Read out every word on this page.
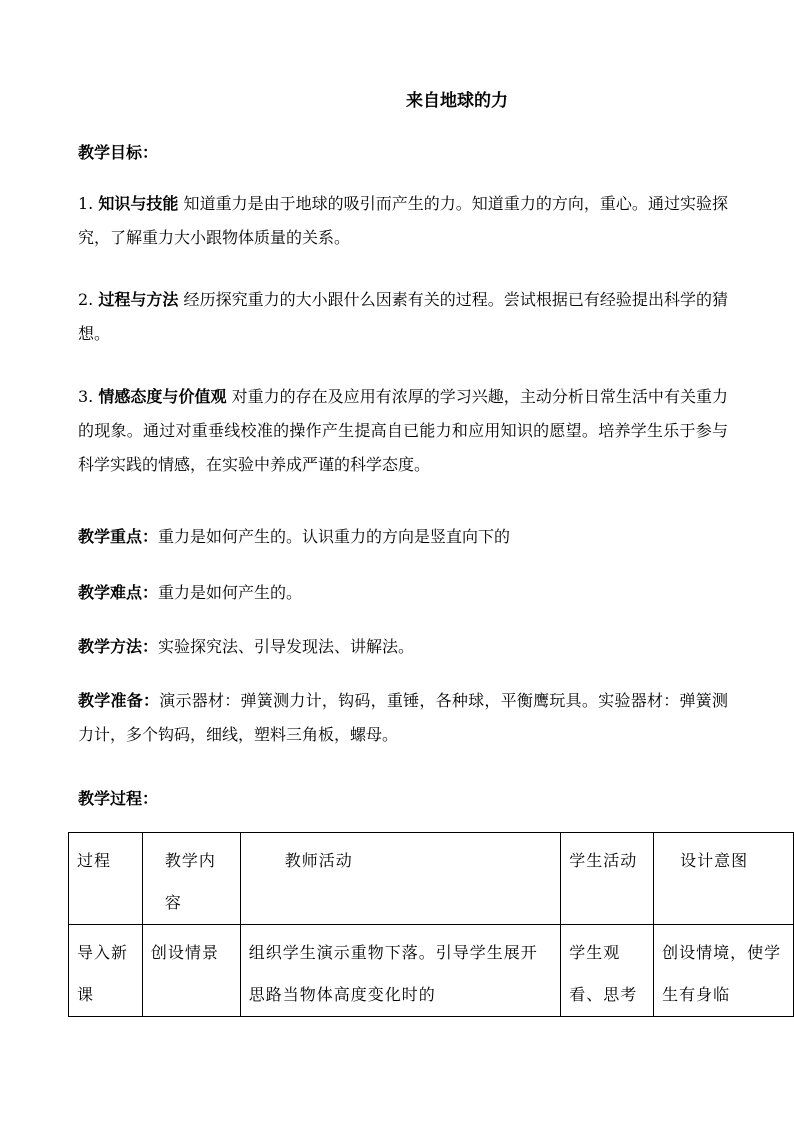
来自地球的力
教学目标：
1. 知识与技能 知道重力是由于地球的吸引而产生的力。知道重力的方向，重心。通过实验探究，了解重力大小跟物体质量的关系。
2. 过程与方法 经历探究重力的大小跟什么因素有关的过程。尝试根据已有经验提出科学的猜想。
3. 情感态度与价值观 对重力的存在及应用有浓厚的学习兴趣，主动分析日常生活中有关重力的现象。通过对重垂线校准的操作产生提高自已能力和应用知识的愿望。培养学生乐于参与科学实践的情感，在实验中养成严谨的科学态度。
教学重点：重力是如何产生的。认识重力的方向是竖直向下的
教学难点：重力是如何产生的。
教学方法：实验探究法、引导发现法、讲解法。
教学准备：演示器材：弹簧测力计，钩码，重锤，各种球，平衡鹰玩具。实验器材：弹簧测力计，多个钩码，细线，塑料三角板，螺母。
教学过程：
过程	教学内容	教师活动	学生活动	设计意图
导入新课	创设情景	组织学生演示重物下落。引导学生展开思路当物体高度变化时的	学生观看、思考	创设情境，使学生有身临
